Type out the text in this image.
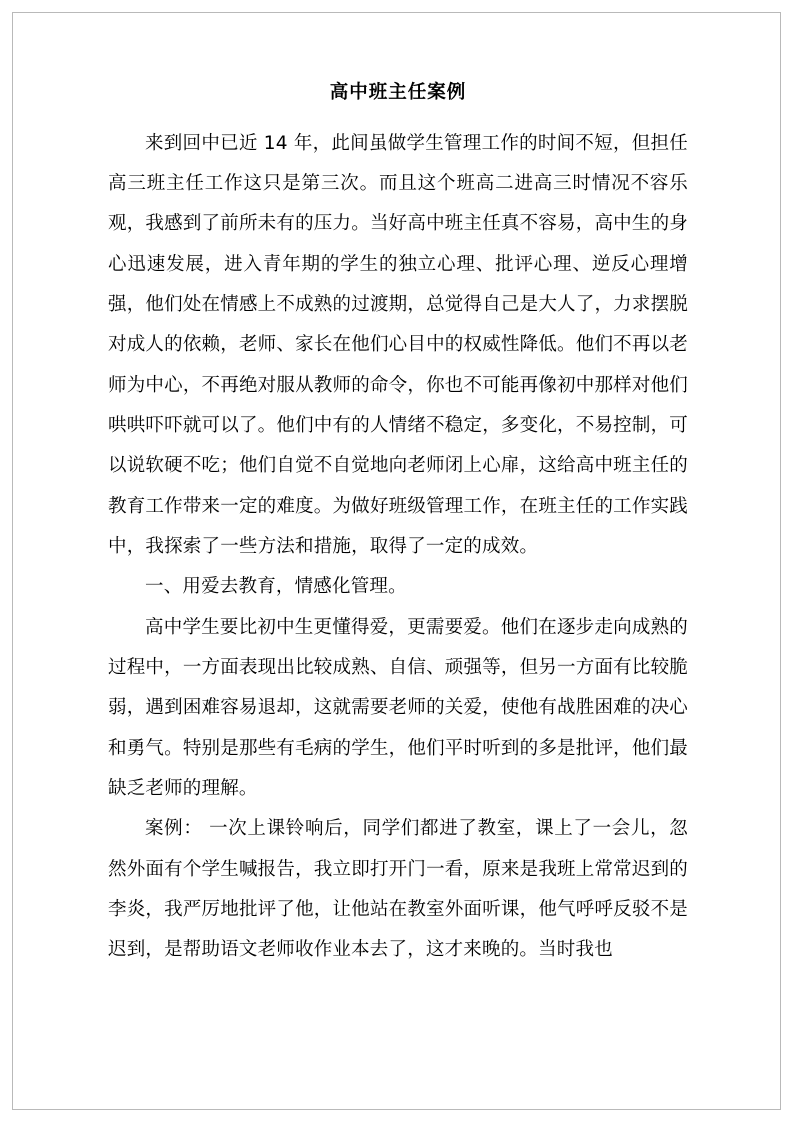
高中班主任案例

来到回中已近 14 年，此间虽做学生管理工作的时间不短，但担任高三班主任工作这只是第三次。而且这个班高二进高三时情况不容乐观，我感到了前所未有的压力。当好高中班主任真不容易，高中生的身心迅速发展，进入青年期的学生的独立心理、批评心理、逆反心理增强，他们处在情感上不成熟的过渡期，总觉得自己是大人了，力求摆脱对成人的依赖，老师、家长在他们心目中的权威性降低。他们不再以老师为中心，不再绝对服从教师的命令，你也不可能再像初中那样对他们哄哄吓吓就可以了。他们中有的人情绪不稳定，多变化，不易控制，可以说软硬不吃；他们自觉不自觉地向老师闭上心扉，这给高中班主任的教育工作带来一定的难度。为做好班级管理工作，在班主任的工作实践中，我探索了一些方法和措施，取得了一定的成效。

一、用爱去教育，情感化管理。

高中学生要比初中生更懂得爱，更需要爱。他们在逐步走向成熟的过程中，一方面表现出比较成熟、自信、顽强等，但另一方面有比较脆弱，遇到困难容易退却，这就需要老师的关爱，使他有战胜困难的决心和勇气。特别是那些有毛病的学生，他们平时听到的多是批评，他们最缺乏老师的理解。

案例： 一次上课铃响后，同学们都进了教室，课上了一会儿，忽然外面有个学生喊报告，我立即打开门一看，原来是我班上常常迟到的李炎，我严厉地批评了他，让他站在教室外面听课，他气呼呼反驳不是迟到，是帮助语文老师收作业本去了，这才来晚的。当时我也
